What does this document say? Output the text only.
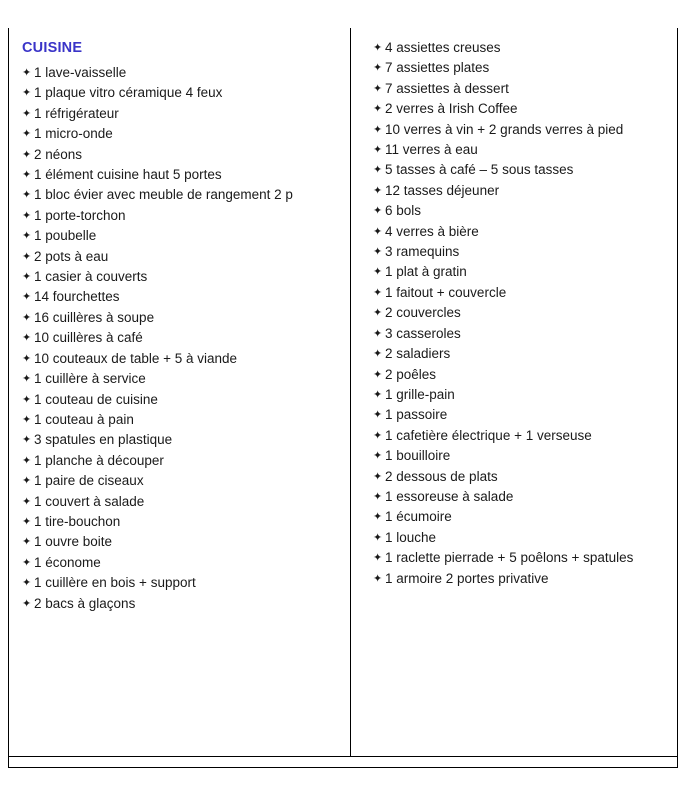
CUISINE
✦ 1 lave-vaisselle
✦ 1 plaque vitro céramique 4 feux
✦ 1 réfrigérateur
✦ 1 micro-onde
✦ 2 néons
✦ 1 élément cuisine haut 5 portes
✦ 1 bloc évier avec meuble de rangement 2 p
✦ 1 porte-torchon
✦ 1 poubelle
✦ 2 pots à eau
✦ 1 casier à couverts
✦ 14 fourchettes
✦ 16 cuillères à soupe
✦ 10 cuillères à café
✦ 10 couteaux de table + 5 à viande
✦ 1 cuillère à service
✦ 1 couteau de cuisine
✦ 1 couteau à pain
✦ 3 spatules en plastique
✦ 1 planche à découper
✦ 1 paire de ciseaux
✦ 1 couvert à salade
✦ 1 tire-bouchon
✦ 1 ouvre boite
✦ 1 économe
✦ 1 cuillère en bois + support
✦ 2 bacs à glaçons
✦ 4 assiettes creuses
✦ 7 assiettes plates
✦ 7 assiettes à dessert
✦ 2 verres à Irish Coffee
✦ 10 verres à vin + 2 grands verres à pied
✦ 11 verres à eau
✦ 5 tasses à café – 5 sous tasses
✦ 12 tasses déjeuner
✦ 6 bols
✦ 4 verres à bière
✦ 3 ramequins
✦ 1 plat à gratin
✦ 1 faitout + couvercle
✦ 2 couvercles
✦ 3 casseroles
✦ 2 saladiers
✦ 2 poêles
✦ 1 grille-pain
✦ 1 passoire
✦ 1 cafetière électrique + 1 verseuse
✦ 1 bouilloire
✦ 2 dessous de plats
✦ 1 essoreuse à salade
✦ 1 écumoire
✦ 1 louche
✦ 1 raclette pierrade + 5 poêlons + spatules
✦ 1 armoire 2 portes privative
